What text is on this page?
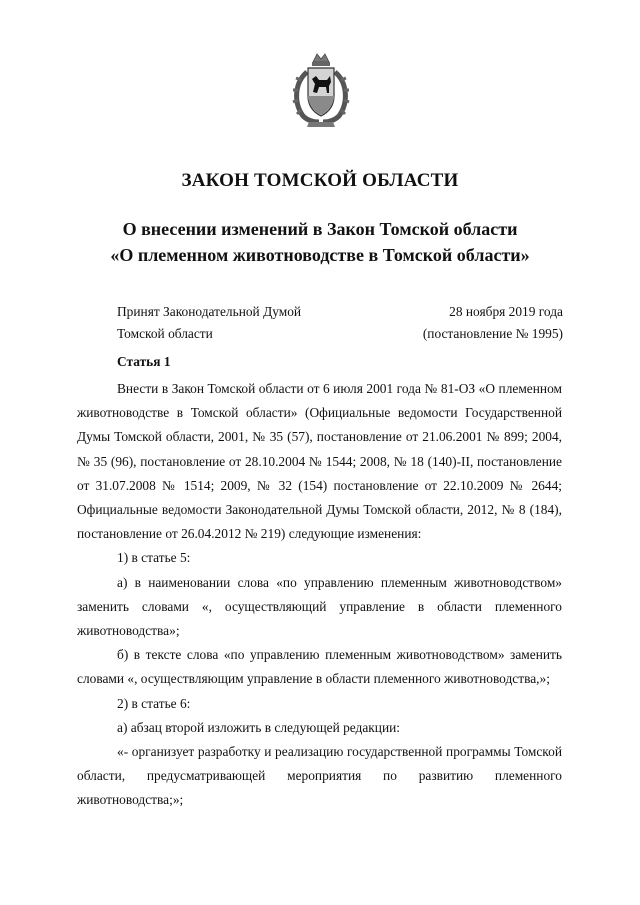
ЗАКОН ТОМСКОЙ ОБЛАСТИ
О внесении изменений в Закон Томской области
«О племенном животноводстве в Томской области»
Принят Законодательной Думой
Томской области
28 ноября 2019 года
(постановление № 1995)
Статья 1

Внести в Закон Томской области от 6 июля 2001 года № 81-ОЗ «О племенном животноводстве в Томской области» (Официальные ведомости Государственной Думы Томской области, 2001, № 35 (57), постановление от 21.06.2001 № 899; 2004, № 35 (96), постановление от 28.10.2004 № 1544; 2008, № 18 (140)-II, постановление от 31.07.2008 № 1514; 2009, № 32 (154) постановление от 22.10.2009 № 2644; Официальные ведомости Законодательной Думы Томской области, 2012, № 8 (184), постановление от 26.04.2012 № 219) следующие изменения:

1) в статье 5:

а) в наименовании слова «по управлению племенным животноводством» заменить словами «, осуществляющий управление в области племенного животноводства»;

б) в тексте слова «по управлению племенным животноводством» заменить словами «, осуществляющим управление в области племенного животноводства,»;

2) в статье 6:

а) абзац второй изложить в следующей редакции:

«- организует разработку и реализацию государственной программы Томской области, предусматривающей мероприятия по развитию племенного животноводства;»;
